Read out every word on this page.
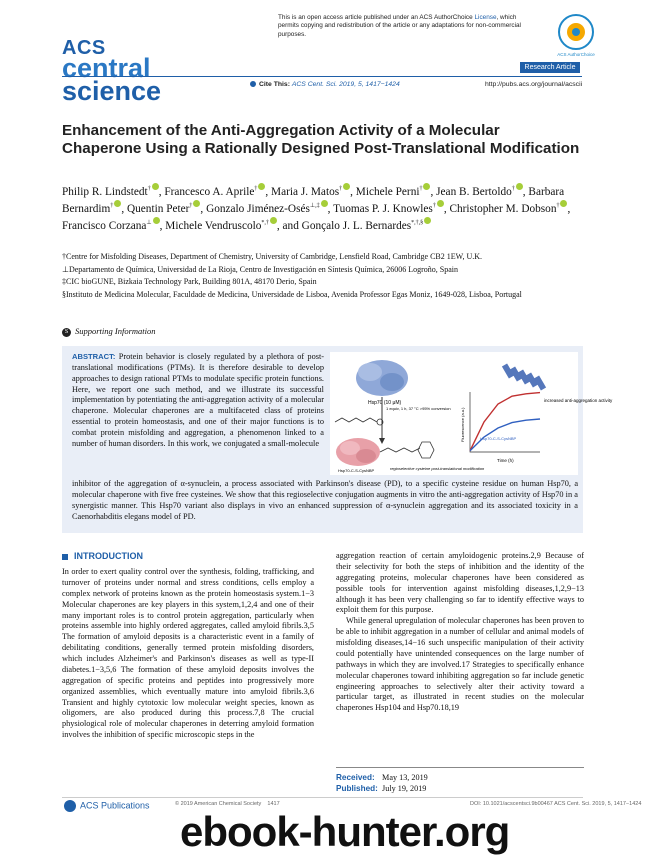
ACS
central
science
This is an open access article published under an ACS AuthorChoice License, which permits copying and redistribution of the article or any adaptations for non-commercial purposes.
ACS AuthorChoice
Research Article
Cite This: ACS Cent. Sci. 2019, 5, 1417−1424	http://pubs.acs.org/journal/acscii
Enhancement of the Anti-Aggregation Activity of a Molecular Chaperone Using a Rationally Designed Post-Translational Modification
Philip R. Lindstedt† , Francesco A. Aprile† , Maria J. Matos† , Michele Perni† , Jean B. Bertoldo† , Barbara Bernardim† , Quentin Peter† , Gonzalo Jiménez-Osés⊥,‡ , Tuomas P. J. Knowles† , Christopher M. Dobson† , Francisco Corzana⊥ , Michele Vendruscolo*,† , and Gonçalo J. L. Bernardes*,†,§

†Centre for Misfolding Diseases, Department of Chemistry, University of Cambridge, Lensfield Road, Cambridge CB2 1EW, U.K.

⊥Departamento de Química, Universidad de La Rioja, Centro de Investigación en Síntesis Química, 26006 Logroño, Spain

‡CIC bioGUNE, Bizkaia Technology Park, Building 801A, 48170 Derio, Spain

§Instituto de Medicina Molecular, Faculdade de Medicina, Universidade de Lisboa, Avenida Professor Egas Moniz, 1649-028, Lisboa, Portugal

S Supporting Information
ABSTRACT: Protein behavior is closely regulated by a plethora of post-translational modifications (PTMs). It is therefore desirable to develop approaches to design rational PTMs to modulate specific protein functions. Here, we report one such method, and we illustrate its successful implementation by potentiating the anti-aggregation activity of a molecular chaperone. Molecular chaperones are a multifaceted class of proteins essential to protein homeostasis, and one of their major functions is to combat protein misfolding and aggregation, a phenomenon linked to a number of human disorders. In this work, we conjugated a small-molecule
inhibitor of the aggregation of α-synuclein, a process associated with Parkinson's disease (PD), to a specific cysteine residue on human Hsp70, a molecular chaperone with five free cysteines. We show that this regioselective conjugation augments in vitro the anti-aggregation activity of Hsp70 in a synergistic manner. This Hsp70 variant also displays in vivo an enhanced suppression of α-synuclein aggregation and its associated toxicity in a Caenorhabditis elegans model of PD.
Hsp70 (10 μM)
1 equiv, 1 h, 37 °C >95% conversion
Hsp70-C-S-CysNBP	regioselective cysteine post-translational modification
increased anti-aggregation activity
Hsp70-C-S-CysNBP
Time (h)
Fluorescence (a.u.)
INTRODUCTION

In order to exert quality control over the synthesis, folding, trafficking, and turnover of proteins under normal and stress conditions, cells employ a complex network of proteins known as the protein homeostasis system.1−3 Molecular chaperones are key players in this system,1,2,4 and one of their many important roles is to control protein aggregation, particularly when proteins assemble into highly ordered aggregates, called amyloid fibrils.3,5 The formation of amyloid deposits is a characteristic event in a family of debilitating conditions, generally termed protein misfolding disorders, which includes Alzheimer's and Parkinson's diseases as well as type-II diabetes.1−3,5,6 The formation of these amyloid deposits involves the aggregation of specific proteins and peptides into progressively more organized assemblies, which eventually mature into amyloid fibrils.3,6 Transient and highly cytotoxic low molecular weight species, known as oligomers, are also produced during this process.7,8 The crucial physiological role of molecular chaperones in deterring amyloid formation involves the inhibition of specific microscopic steps in the

aggregation reaction of certain amyloidogenic proteins.2,9 Because of their selectivity for both the steps of inhibition and the identity of the aggregating proteins, molecular chaperones have been considered as possible tools for intervention against misfolding diseases,1,2,9−13 although it has been very challenging so far to identify effective ways to exploit them for this purpose.

While general upregulation of molecular chaperones has been proven to be able to inhibit aggregation in a number of cellular and animal models of misfolding diseases,14−16 such unspecific manipulation of their activity could potentially have unintended consequences on the large number of pathways in which they are involved.17 Strategies to specifically enhance molecular chaperones toward inhibiting aggregation so far include genetic engineering approaches to selectively alter their activity toward a particular target, as illustrated in recent studies on the molecular chaperones Hsp104 and Hsp70.18,19

Received: May 13, 2019
Published: July 19, 2019
ACS Publications	© 2019 American Chemical Society 1417	DOI: 10.1021/acscentsci.9b00467 ACS Cent. Sci. 2019, 5, 1417−1424
ebook-hunter.org
